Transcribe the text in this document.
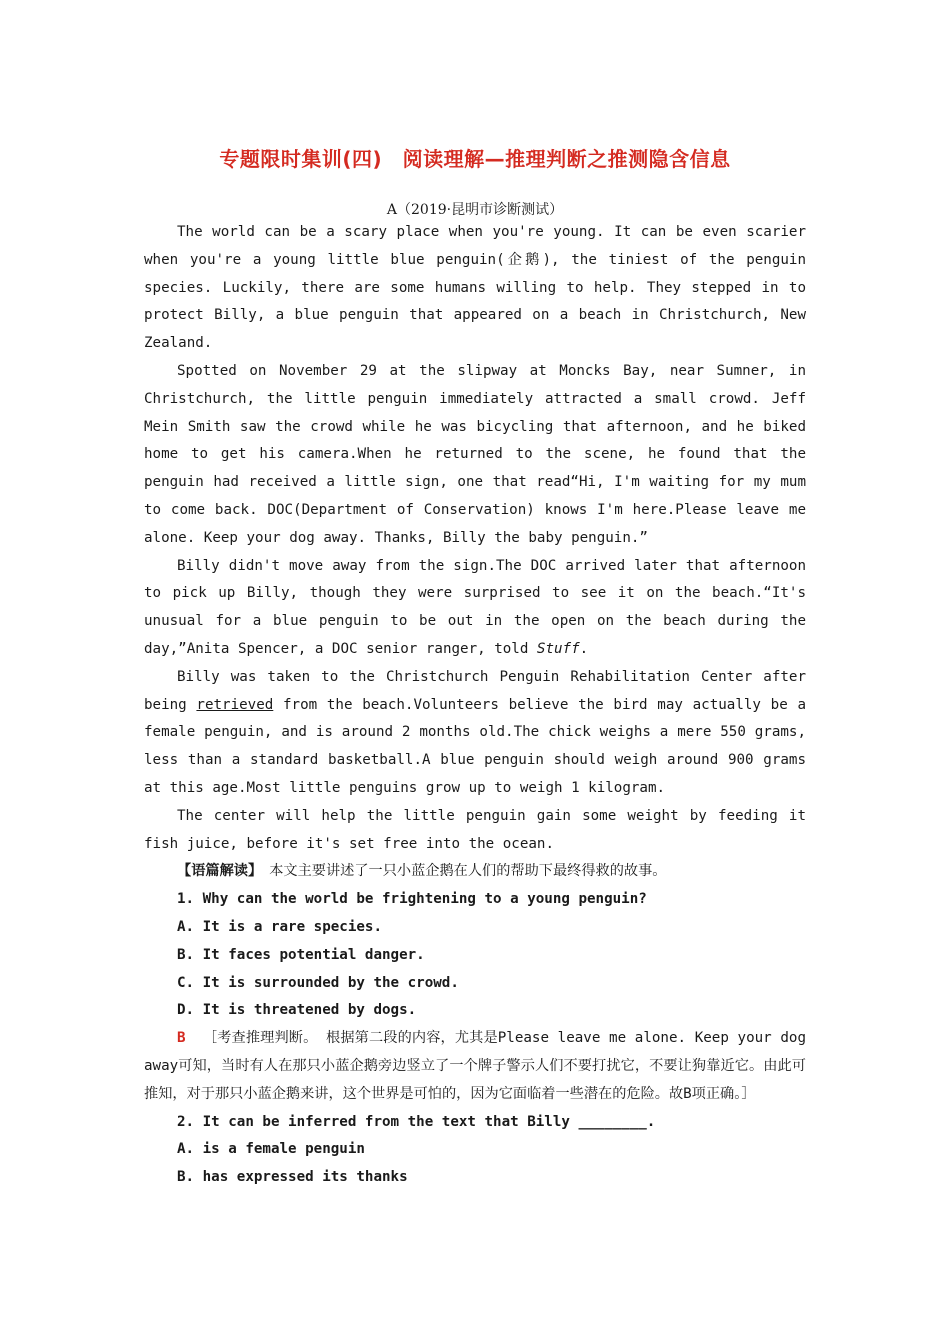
专题限时集训(四)　阅读理解—推理判断之推测隐含信息
A（2019·昆明市诊断测试）

The world can be a scary place when you're young. It can be even scarier when you're a young little blue penguin(企鹅), the tiniest of the penguin species. Luckily, there are some humans willing to help. They stepped in to protect Billy, a blue penguin that appeared on a beach in Christchurch, New Zealand.

Spotted on November 29 at the slipway at Moncks Bay, near Sumner, in Christchurch, the little penguin immediately attracted a small crowd. Jeff Mein Smith saw the crowd while he was bicycling that afternoon, and he biked home to get his camera.When he returned to the scene, he found that the penguin had received a little sign, one that read“Hi, I'm waiting for my mum to come back. DOC(Department of Conservation) knows I'm here.Please leave me alone. Keep your dog away. Thanks, Billy the baby penguin.”

Billy didn't move away from the sign.The DOC arrived later that afternoon to pick up Billy, though they were surprised to see it on the beach.“It's unusual for a blue penguin to be out in the open on the beach during the day,”Anita Spencer, a DOC senior ranger, told Stuff.

Billy was taken to the Christchurch Penguin Rehabilitation Center after being retrieved from the beach.Volunteers believe the bird may actually be a female penguin, and is around 2 months old.The chick weighs a mere 550 grams, less than a standard basketball.A blue penguin should weigh around 900 grams at this age.Most little penguins grow up to weigh 1 kilogram.

The center will help the little penguin gain some weight by feeding it fish juice, before it's set free into the ocean.

【语篇解读】　本文主要讲述了一只小蓝企鹅在人们的帮助下最终得救的故事。

1. Why can the world be frightening to a young penguin?

A. It is a rare species.

B. It faces potential danger.

C. It is surrounded by the crowd.

D. It is threatened by dogs.

B ［考查推理判断。 根据第二段的内容，尤其是Please leave me alone. Keep your dog away可知，当时有人在那只小蓝企鹅旁边竖立了一个牌子警示人们不要打扰它，不要让狗靠近它。由此可推知，对于那只小蓝企鹅来讲，这个世界是可怕的，因为它面临着一些潜在的危险。故B项正确。］

2. It can be inferred from the text that Billy ________.

A. is a female penguin

B. has expressed its thanks
